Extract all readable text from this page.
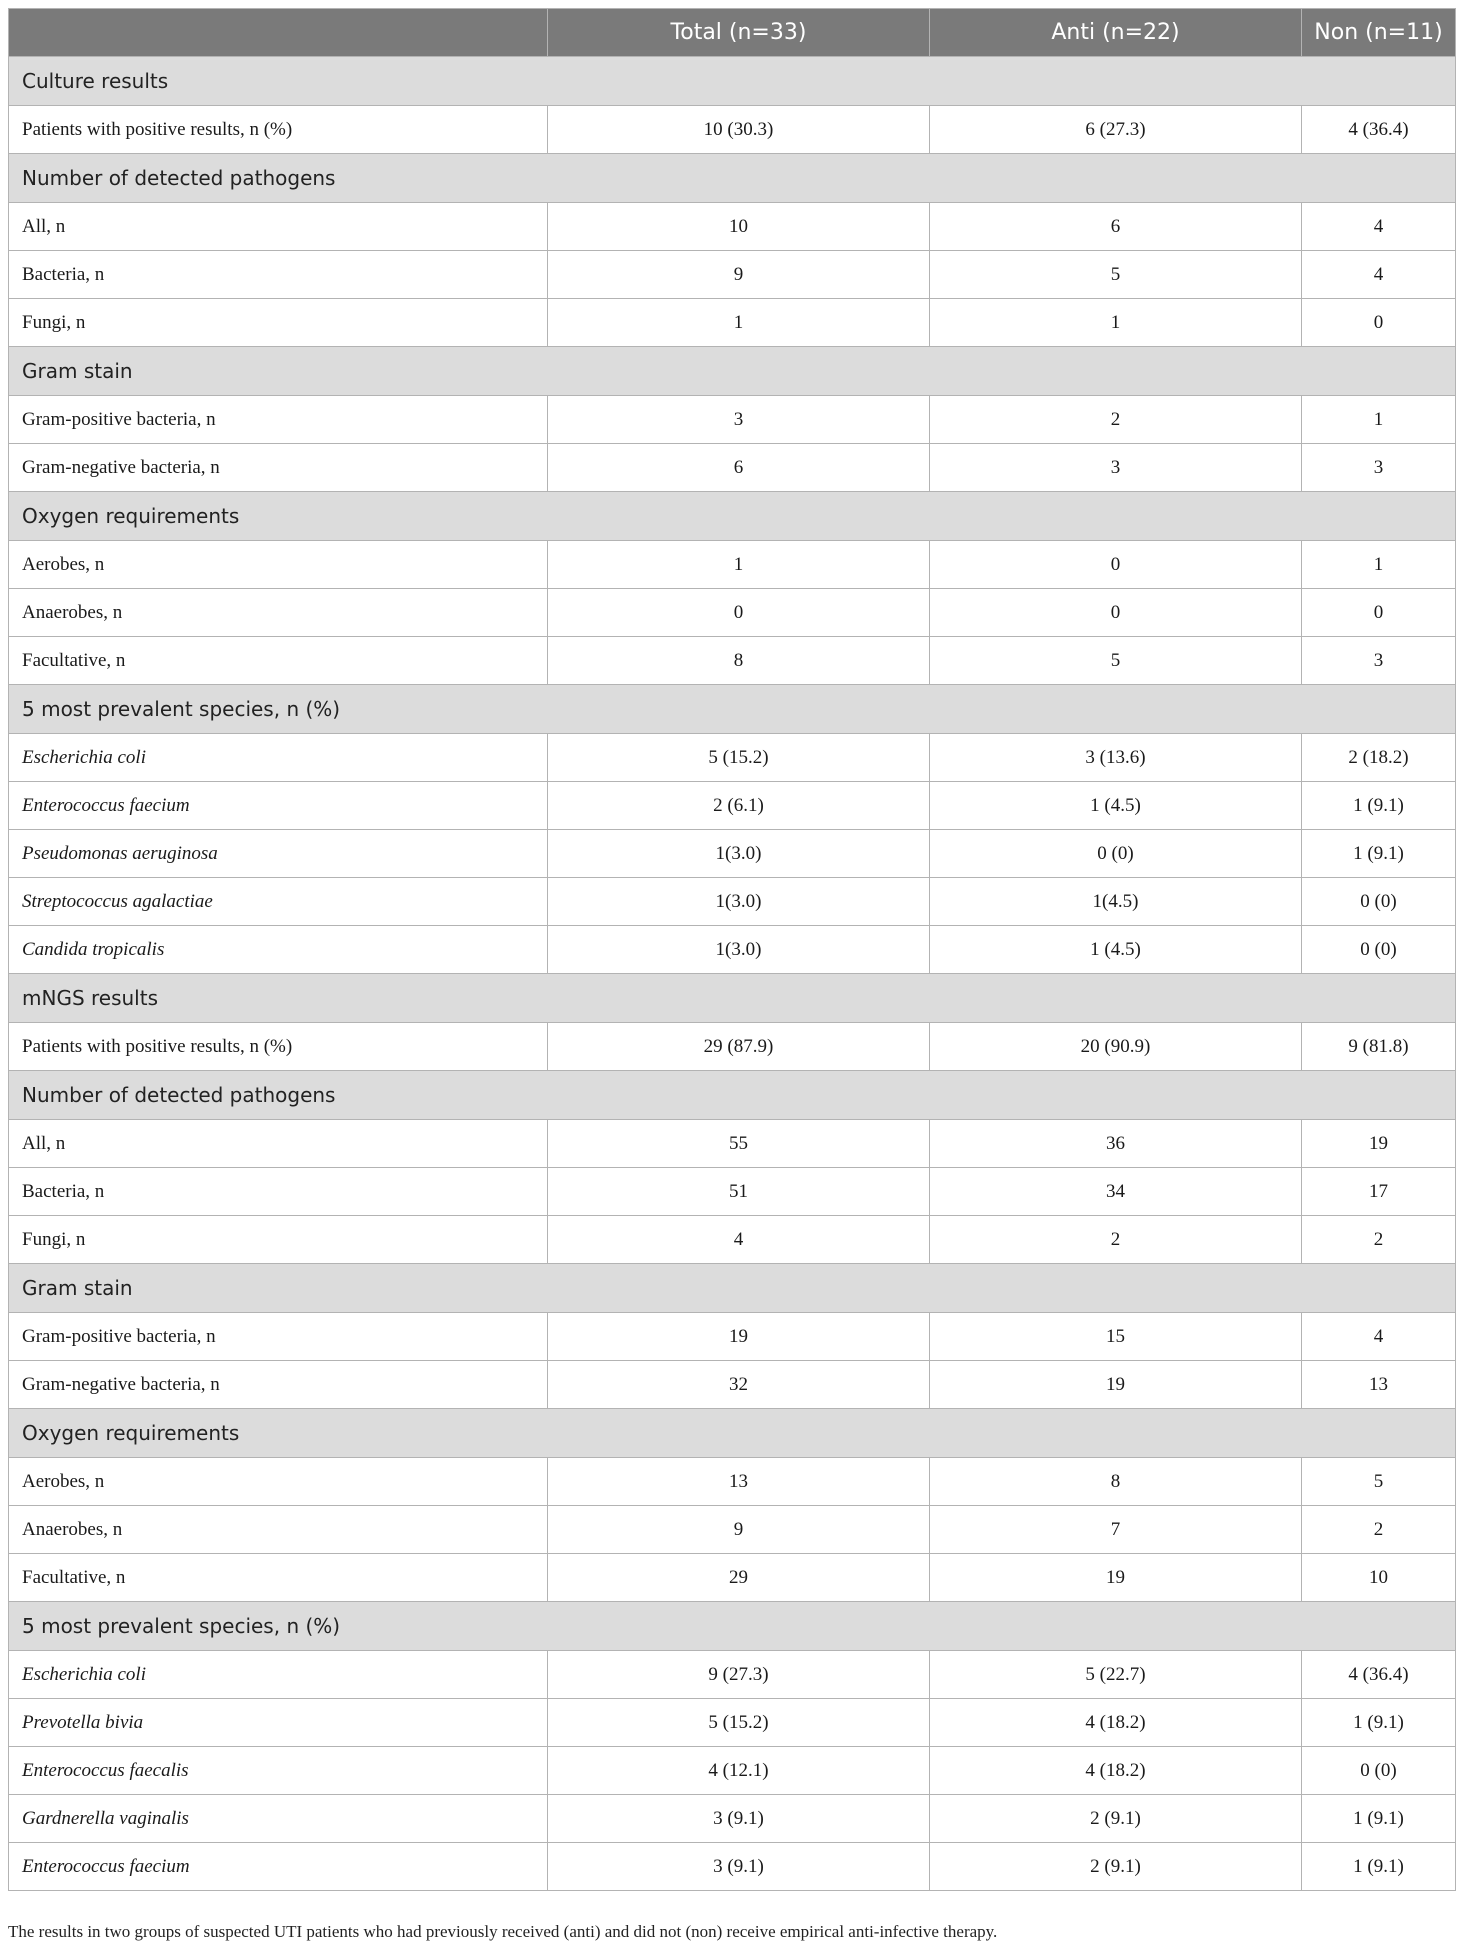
	Total (n=33)	Anti (n=22)	Non (n=11)
Culture results			
Patients with positive results, n (%)	10 (30.3)	6 (27.3)	4 (36.4)
Number of detected pathogens			
All, n	10	6	4
Bacteria, n	9	5	4
Fungi, n	1	1	0
Gram stain			
Gram-positive bacteria, n	3	2	1
Gram-negative bacteria, n	6	3	3
Oxygen requirements			
Aerobes, n	1	0	1
Anaerobes, n	0	0	0
Facultative, n	8	5	3
5 most prevalent species, n (%)			
Escherichia coli	5 (15.2)	3 (13.6)	2 (18.2)
Enterococcus faecium	2 (6.1)	1 (4.5)	1 (9.1)
Pseudomonas aeruginosa	1(3.0)	0 (0)	1 (9.1)
Streptococcus agalactiae	1(3.0)	1(4.5)	0 (0)
Candida tropicalis	1(3.0)	1 (4.5)	0 (0)
mNGS results			
Patients with positive results, n (%)	29 (87.9)	20 (90.9)	9 (81.8)
Number of detected pathogens			
All, n	55	36	19
Bacteria, n	51	34	17
Fungi, n	4	2	2
Gram stain			
Gram-positive bacteria, n	19	15	4
Gram-negative bacteria, n	32	19	13
Oxygen requirements			
Aerobes, n	13	8	5
Anaerobes, n	9	7	2
Facultative, n	29	19	10
5 most prevalent species, n (%)			
Escherichia coli	9 (27.3)	5 (22.7)	4 (36.4)
Prevotella bivia	5 (15.2)	4 (18.2)	1 (9.1)
Enterococcus faecalis	4 (12.1)	4 (18.2)	0 (0)
Gardnerella vaginalis	3 (9.1)	2 (9.1)	1 (9.1)
Enterococcus faecium	3 (9.1)	2 (9.1)	1 (9.1)
The results in two groups of suspected UTI patients who had previously received (anti) and did not (non) receive empirical anti-infective therapy.
